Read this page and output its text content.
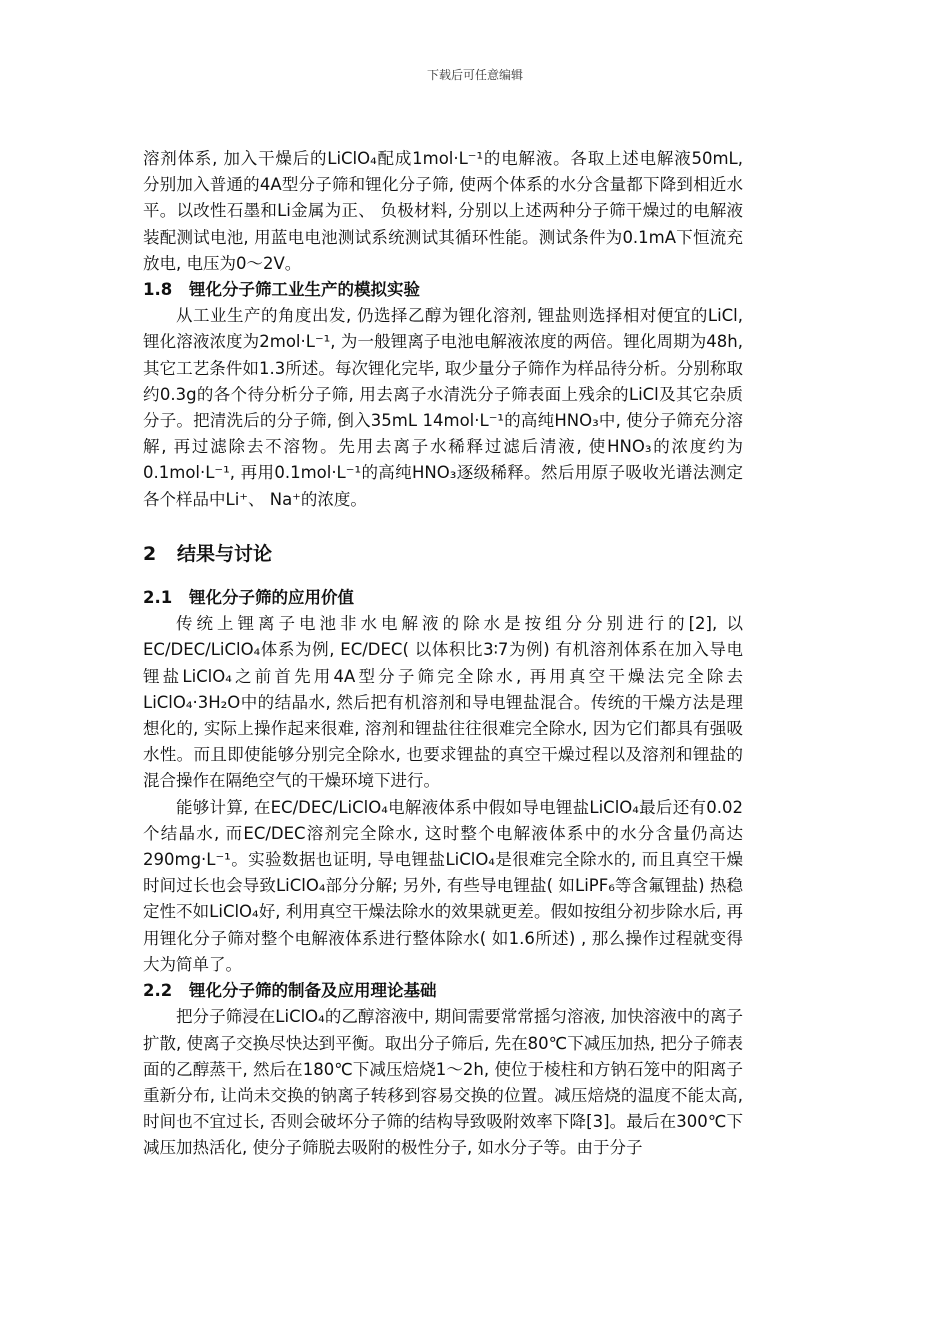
下载后可任意编辑

溶剂体系, 加入干燥后的LiClO₄配成1mol·L⁻¹的电解液。各取上述电解液50mL, 分别加入普通的4A型分子筛和锂化分子筛, 使两个体系的水分含量都下降到相近水平。以改性石墨和Li金属为正、 负极材料, 分别以上述两种分子筛干燥过的电解液装配测试电池, 用蓝电电池测试系统测试其循环性能。测试条件为0.1mA下恒流充放电, 电压为0～2V。

1.8 锂化分子筛工业生产的模拟实验

从工业生产的角度出发, 仍选择乙醇为锂化溶剂, 锂盐则选择相对便宜的LiCl, 锂化溶液浓度为2mol·L⁻¹, 为一般锂离子电池电解液浓度的两倍。锂化周期为48h, 其它工艺条件如1.3所述。每次锂化完毕, 取少量分子筛作为样品待分析。分别称取约0.3g的各个待分析分子筛, 用去离子水清洗分子筛表面上残余的LiCl及其它杂质分子。把清洗后的分子筛, 倒入35mL 14mol·L⁻¹的高纯HNO₃中, 使分子筛充分溶解, 再过滤除去不溶物。先用去离子水稀释过滤后清液, 使HNO₃的浓度约为0.1mol·L⁻¹, 再用0.1mol·L⁻¹的高纯HNO₃逐级稀释。然后用原子吸收光谱法测定各个样品中Li⁺、 Na⁺的浓度。

2 结果与讨论
2.1 锂化分子筛的应用价值

传统上锂离子电池非水电解液的除水是按组分分别进行的[2], 以EC/DEC/LiClO₄体系为例, EC/DEC( 以体积比3∶7为例) 有机溶剂体系在加入导电锂盐LiClO₄之前首先用4A型分子筛完全除水, 再用真空干燥法完全除去LiClO₄·3H₂O中的结晶水, 然后把有机溶剂和导电锂盐混合。传统的干燥方法是理想化的, 实际上操作起来很难, 溶剂和锂盐往往很难完全除水, 因为它们都具有强吸水性。而且即使能够分别完全除水, 也要求锂盐的真空干燥过程以及溶剂和锂盐的混合操作在隔绝空气的干燥环境下进行。

能够计算, 在EC/DEC/LiClO₄电解液体系中假如导电锂盐LiClO₄最后还有0.02个结晶水, 而EC/DEC溶剂完全除水, 这时整个电解液体系中的水分含量仍高达290mg·L⁻¹。实验数据也证明, 导电锂盐LiClO₄是很难完全除水的, 而且真空干燥时间过长也会导致LiClO₄部分分解; 另外, 有些导电锂盐( 如LiPF₆等含氟锂盐) 热稳定性不如LiClO₄好, 利用真空干燥法除水的效果就更差。假如按组分初步除水后, 再用锂化分子筛对整个电解液体系进行整体除水( 如1.6所述) , 那么操作过程就变得大为简单了。

2.2 锂化分子筛的制备及应用理论基础

把分子筛浸在LiClO₄的乙醇溶液中, 期间需要常常摇匀溶液, 加快溶液中的离子扩散, 使离子交换尽快达到平衡。取出分子筛后, 先在80℃下减压加热, 把分子筛表面的乙醇蒸干, 然后在180℃下减压焙烧1～2h, 使位于棱柱和方钠石笼中的阳离子重新分布, 让尚未交换的钠离子转移到容易交换的位置。减压焙烧的温度不能太高, 时间也不宜过长, 否则会破坏分子筛的结构导致吸附效率下降[3]。最后在300℃下减压加热活化, 使分子筛脱去吸附的极性分子, 如水分子等。由于分子
